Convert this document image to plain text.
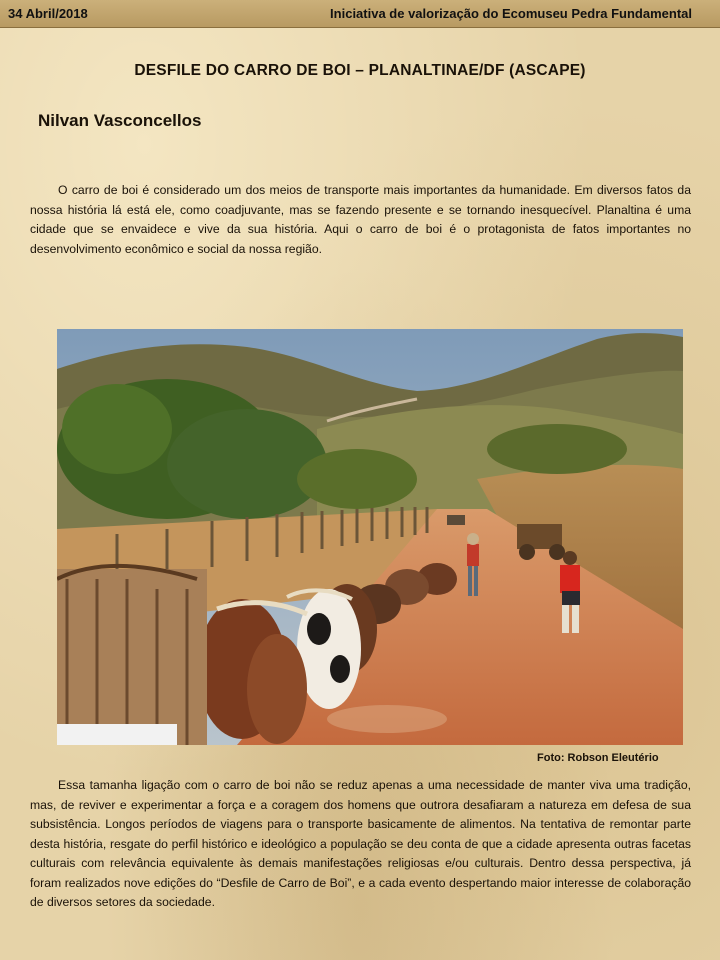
34 Abril/2018	Iniciativa de valorização do Ecomuseu Pedra Fundamental
DESFILE DO CARRO DE BOI – PLANALTINAE/DF (ASCAPE)
Nilvan Vasconcellos

O carro de boi é considerado um dos meios de transporte mais importantes da humanidade. Em diversos fatos da nossa história lá está ele, como coadjuvante, mas se fazendo presente e se tornando inesquecível. Planaltina é uma cidade que se envaidece e vive da sua história. Aqui o carro de boi é o protagonista de fatos importantes no desenvolvimento econômico e social da nossa região.

Foto: Robson Eleutério

Essa tamanha ligação com o carro de boi não se reduz apenas a uma necessidade de manter viva uma tradição, mas, de reviver e experimentar a força e a coragem dos homens que outrora desafiaram a natureza em defesa de sua subsistência. Longos períodos de viagens para o transporte basicamente de alimentos. Na tentativa de remontar parte desta história, resgate do perfil histórico e ideológico a população se deu conta de que a cidade apresenta outras facetas culturais com relevância equivalente às demais manifestações religiosas e/ou culturais. Dentro dessa perspectiva, já foram realizados nove edições do “Desfile de Carro de Boi”, e a cada evento despertando maior interesse de colaboração de diversos setores da sociedade.
